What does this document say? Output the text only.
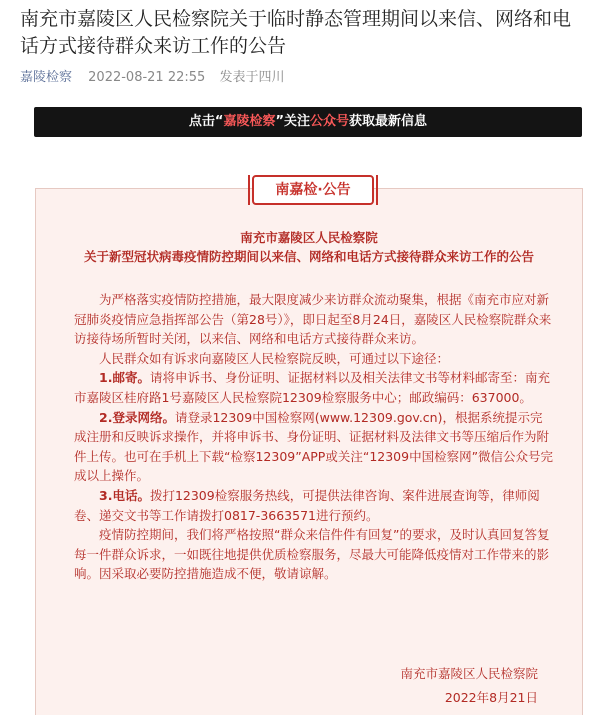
南充市嘉陵区人民检察院关于临时静态管理期间以来信、网络和电话方式接待群众来访工作的公告
嘉陵检察 2022-08-21 22:55 发表于四川
点击“嘉陵检察”关注公众号获取最新信息
南嘉检·公告
南充市嘉陵区人民检察院
关于新型冠状病毒疫情防控期间以来信、网络和电话方式接待群众来访工作的公告

为严格落实疫情防控措施，最大限度减少来访群众流动聚集，根据《南充市应对新冠肺炎疫情应急指挥部公告（第28号）》，即日起至8月24日，嘉陵区人民检察院群众来访接待场所暂时关闭，以来信、网络和电话方式接待群众来访。

人民群众如有诉求向嘉陵区人民检察院反映，可通过以下途径：

1.邮寄。请将申诉书、身份证明、证据材料以及相关法律文书等材料邮寄至：南充市嘉陵区桂府路1号嘉陵区人民检察院12309检察服务中心；邮政编码：637000。

2.登录网络。请登录12309中国检察网(www.12309.gov.cn)，根据系统提示完成注册和反映诉求操作，并将申诉书、身份证明、证据材料及法律文书等压缩后作为附件上传。也可在手机上下载“检察12309”APP或关注“12309中国检察网”微信公众号完成以上操作。

3.电话。拨打12309检察服务热线，可提供法律咨询、案件进展查询等，律师阅卷、递交文书等工作请拨打0817-3663571进行预约。

疫情防控期间，我们将严格按照“群众来信件件有回复”的要求，及时认真回复答复每一件群众诉求，一如既往地提供优质检察服务，尽最大可能降低疫情对工作带来的影响。因采取必要防控措施造成不便，敬请谅解。

南充市嘉陵区人民检察院
2022年8月21日
